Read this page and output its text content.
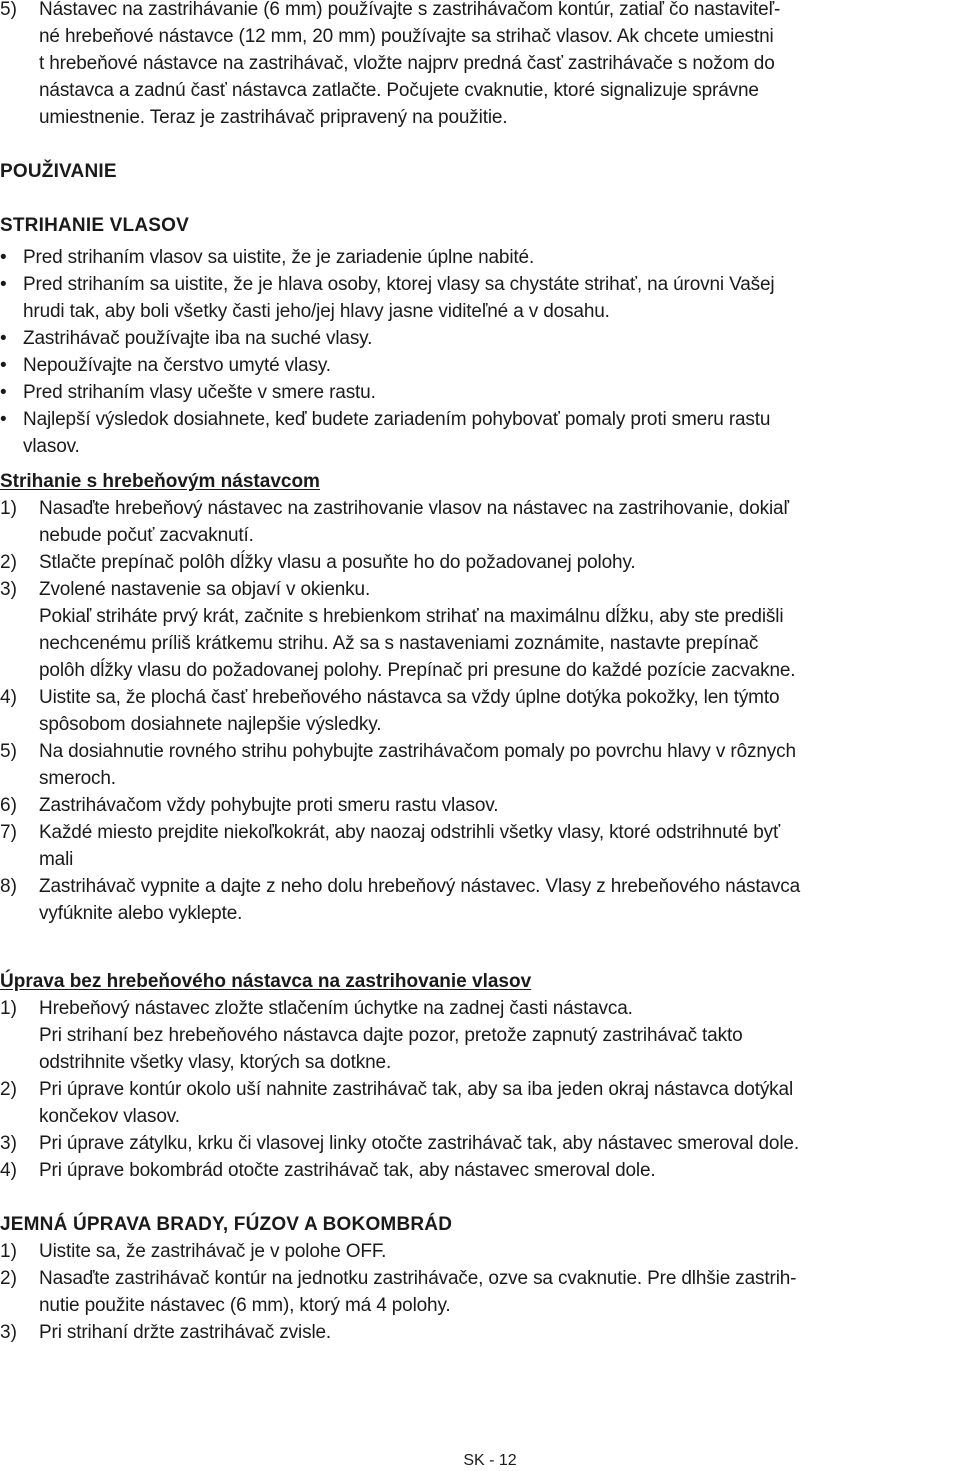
5)	Nástavec na zastrihávanie (6 mm) používajte s zastrihávačom kontúr, zatiaľ čo nastaviteľ-
né hrebeňové nástavce (12 mm, 20 mm) používajte sa strihač vlasov. Ak chcete umiestni
t hrebeňové nástavce na zastrihávač, vložte najprv predná časť zastrihávače s nožom do
nástavca a zadnú časť nástavca zatlačte. Počujete cvaknutie, ktoré signalizuje správne
umiestnenie. Teraz je zastrihávač pripravený na použitie.
POUŽIVANIE
STRIHANIE VLASOV
• Pred strihaním vlasov sa uistite, že je zariadenie úplne nabité.
• Pred strihaním sa uistite, že je hlava osoby, ktorej vlasy sa chystáte strihať, na úrovni Vašej
hrudi tak, aby boli všetky časti jeho/jej hlavy jasne viditeľné a v dosahu.
• Zastrihávač používajte iba na suché vlasy.
• Nepoužívajte na čerstvo umyté vlasy.
• Pred strihaním vlasy učešte v smere rastu.
• Najlepší výsledok dosiahnete, keď budete zariadením pohybovať pomaly proti smeru rastu
vlasov.
Strihanie s hrebeňovým nástavcom
1)	Nasaďte hrebeňový nástavec na zastrihovanie vlasov na nástavec na zastrihovanie, dokiaľ
nebude počuť zacvaknutí.
2)	Stlačte prepínač polôh dĺžky vlasu a posuňte ho do požadovanej polohy.
3)	Zvolené nastavenie sa objaví v okienku.
Pokiaľ striháte prvý krát, začnite s hrebienkom strihať na maximálnu dĺžku, aby ste predišli
nechcenému príliš krátkemu strihu. Až sa s nastaveniami zoznámite, nastavte prepínač
polôh dĺžky vlasu do požadovanej polohy. Prepínač pri presune do každé pozície zacvakne.
4)	Uistite sa, že plochá časť hrebeňového nástavca sa vždy úplne dotýka pokožky, len týmto
spôsobom dosiahnete najlepšie výsledky.
5)	Na dosiahnutie rovného strihu pohybujte zastrihávačom pomaly po povrchu hlavy v rôznych
smeroch.
6)	Zastrihávačom vždy pohybujte proti smeru rastu vlasov.
7)	Každé miesto prejdite niekoľkokrát, aby naozaj odstrihli všetky vlasy, ktoré odstrihnuté byť
mali
8)	Zastrihávač vypnite a dajte z neho dolu hrebeňový nástavec. Vlasy z hrebeňového nástavca
vyfúknite alebo vyklepte.
Úprava bez hrebeňového nástavca na zastrihovanie vlasov
1)	Hrebeňový nástavec zložte stlačením úchytke na zadnej časti nástavca.
Pri strihaní bez hrebeňového nástavca dajte pozor, pretože zapnutý zastrihávač takto
odstrihnite všetky vlasy, ktorých sa dotkne.
2)	Pri úprave kontúr okolo uší nahnite zastrihávač tak, aby sa iba jeden okraj nástavca dotýkal
končekov vlasov.
3)	Pri úprave zátylku, krku či vlasovej linky otočte zastrihávač tak, aby nástavec smeroval dole.
4)	Pri úprave bokombrád otočte zastrihávač tak, aby nástavec smeroval dole.
JEMNÁ ÚPRAVA BRADY, FÚZOV A BOKOMBRÁD
1)	Uistite sa, že zastrihávač je v polohe OFF.
2)	Nasaďte zastrihávač kontúr na jednotku zastrihávače, ozve sa cvaknutie. Pre dlhšie zastrih-
nutie použite nástavec (6 mm), ktorý má 4 polohy.
3)	Pri strihaní držte zastrihávač zvisle.
SK - 12
